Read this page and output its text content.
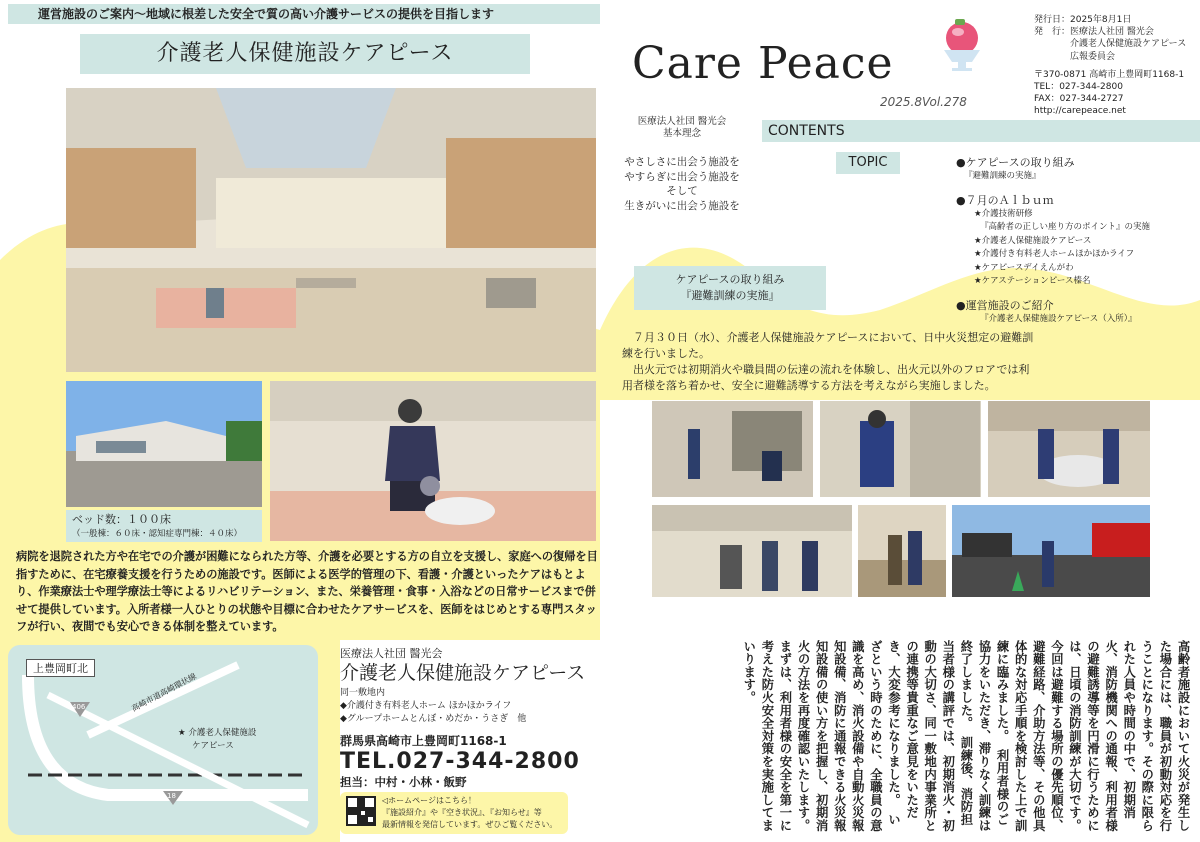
運営施設のご案内～地域に根差した安全で質の高い介護サービスの提供を目指します
介護老人保健施設ケアピース
ベッド数：１００床
（一般棟：６０床・認知症専門棟：４０床）
病院を退院された方や在宅での介護が困難になられた方等、介護を必要とする方の自立を支援し、家庭への復帰を目指すために、在宅療養支援を行うための施設です。医師による医学的管理の下、看護・介護といったケアはもとより、作業療法士や理学療法士等によるリハビリテーション、また、栄養管理・食事・入浴などの日常サービスまで併せて提供しています。入所者様一人ひとりの状態や目標に合わせたケアサービスを、医師をはじめとする専門スタッフが行い、夜間でも安心できる体制を整えています。
上豊岡町北
高崎市道高崎環状線
406
18
★ 介護老人保健施設
ケアピース
医療法人社団 醫光会
介護老人保健施設ケアピース
同一敷地内
◆介護付き有料老人ホーム ほかほかライフ
◆グループホームとんぼ・めだか・うさぎ　他
群馬県高崎市上豊岡町1168-1
TEL.027-344-2800
担当：中村・小林・飯野
◁ホームページはこちら！
『施設紹介』や『空き状況』、『お知らせ』等
最新情報を発信しています。ぜひご覧ください。
Care Peace
2025.8Vol.278
発行日：2025年8月1日
発　行：医療法人社団 醫光会
介護老人保健施設ケアピース
広報委員会
〒370-0871 高崎市上豊岡町1168-1
TEL：027-344-2800
FAX：027-344-2727
http://carepeace.net
医療法人社団 醫光会
基本理念
やさしさに出会う施設を
やすらぎに出会う施設を
そして
生きがいに出会う施設を
CONTENTS
TOPIC	●ケアピースの取り組み
『避難訓練の実施』
●７月のＡｌｂｕｍ
★介護技術研修
『高齢者の正しい座り方のポイント』の実施
★介護老人保健施設ケアピース
★介護付き有料老人ホームほかほかライフ
★ケアピースデイえんがわ
★ケアステーションピース榛名
●運営施設のご紹介
『介護老人保健施設ケアピース（入所）』
ケアピースの取り組み
『避難訓練の実施』

７月３０日（水）、介護老人保健施設ケアピースにおいて、日中火災想定の避難訓練を行いました。

出火元では初期消火や職員間の伝達の流れを体験し、出火元以外のフロアでは利用者様を落ち着かせ、安全に避難誘導する方法を考えながら実施しました。

高齢者施設において火災が発生した場合には、職員が初動対応を行うことになります。その際に限られた人員や時間の中で、初期消火、消防機関への通報、利用者様の避難誘導等を円滑に行うためには、日頃の消防訓練が大切です。今回は避難する場所の優先順位、避難経路、介助方法等、その他具体的な対応手順を検討した上で訓練に臨みました。　利用者様のご協力をいただき、滞りなく訓練は終了しました。　訓練後、消防担当者様の講評では、初期消火・初動の大切さ、同一敷地内事業所との連携等貴重なご意見をいただき、大変参考になりました。　いざという時のために、全職員の意識を高め、消火設備や自動火災報知設備、消防に通報できる火災報知設備の使い方を把握し、初期消火の方法を再度確認いたします。　まずは、利用者様の安全を第一に考えた防火安全対策を実施してまいります。
